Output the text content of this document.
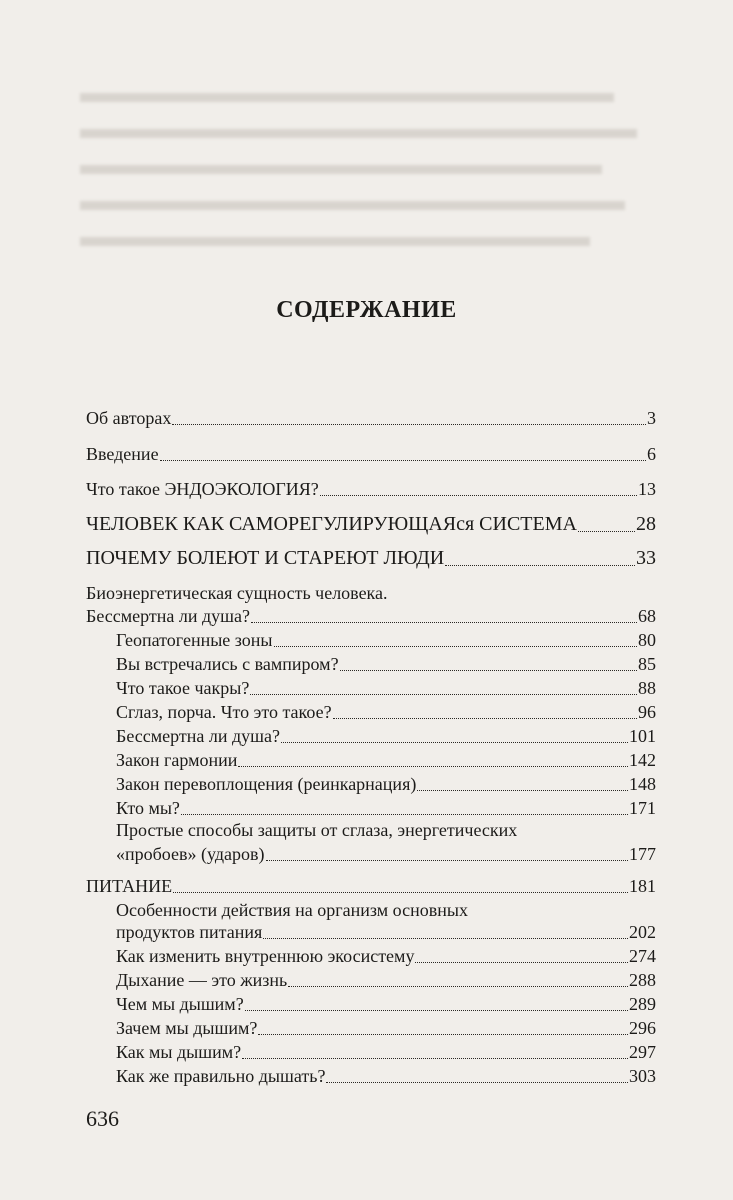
СОДЕРЖАНИЕ
Об авторах	3
Введение	6
Что такое ЭНДОЭКОЛОГИЯ?	13
ЧЕЛОВЕК КАК САМОРЕГУЛИРУЮЩАЯся СИСТЕМА	28
ПОЧЕМУ БОЛЕЮТ И СТАРЕЮТ ЛЮДИ	33
Биоэнергетическая сущность человека.
Бессмертна ли душа?	68
Геопатогенные зоны	80
Вы встречались с вампиром?	85
Что такое чакры?	88
Сглаз, порча. Что это такое?	96
Бессмертна ли душа?	101
Закон гармонии	142
Закон перевоплощения (реинкарнация)	148
Кто мы?	171
Простые способы защиты от сглаза, энергетических
«пробоев» (ударов)	177
ПИТАНИЕ	181
Особенности действия на организм основных
продуктов питания	202
Как изменить внутреннюю экосистему	274
Дыхание — это жизнь	288
Чем мы дышим?	289
Зачем мы дышим?	296
Как мы дышим?	297
Как же правильно дышать?	303
636
